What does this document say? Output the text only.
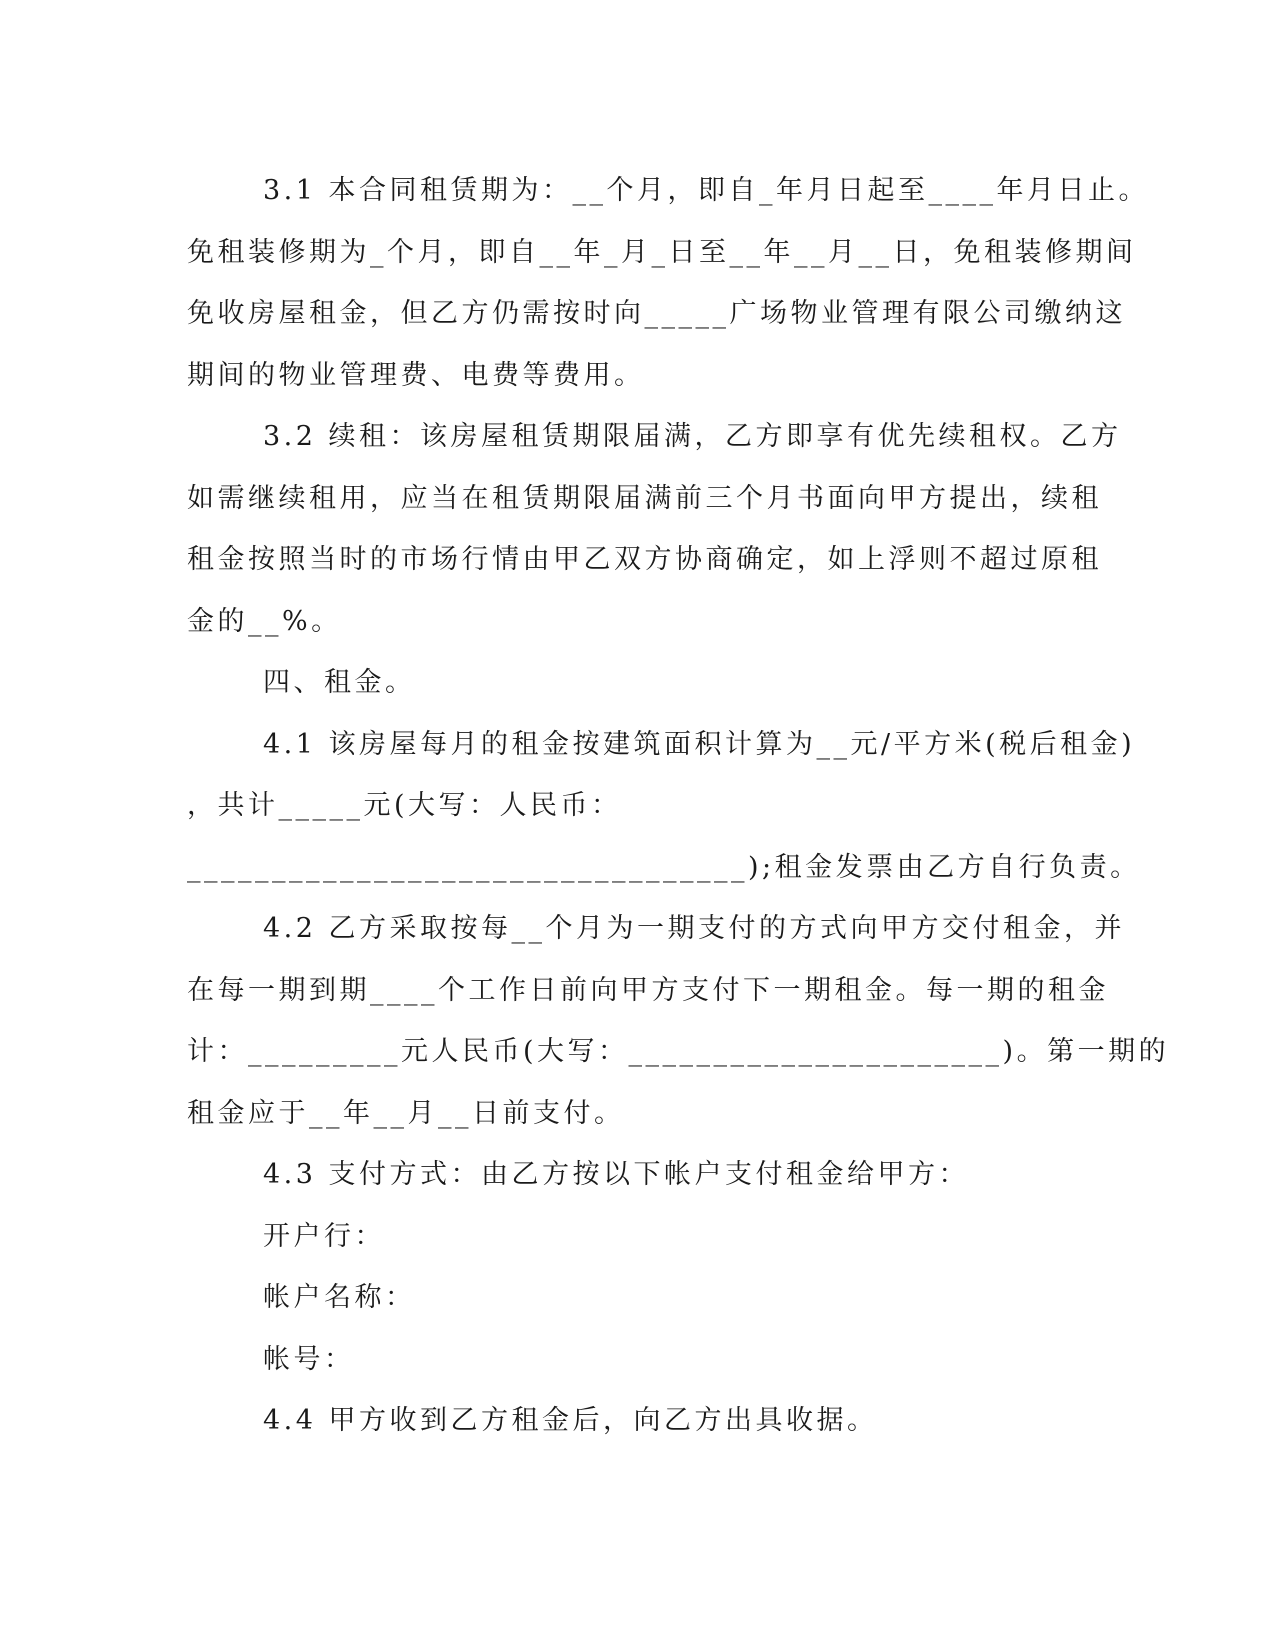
3.1 本合同租赁期为：__个月，即自_年月日起至____年月日止。
免租装修期为_个月，即自__年_月_日至__年__月__日，免租装修期间
免收房屋租金，但乙方仍需按时向_____广场物业管理有限公司缴纳这
期间的物业管理费、电费等费用。
3.2 续租：该房屋租赁期限届满，乙方即享有优先续租权。乙方
如需继续租用，应当在租赁期限届满前三个月书面向甲方提出，续租
租金按照当时的市场行情由甲乙双方协商确定，如上浮则不超过原租
金的__%。
四、租金。
4.1 该房屋每月的租金按建筑面积计算为__元/平方米(税后租金)
，共计_____元(大写：人民币：
_________________________________);租金发票由乙方自行负责。
4.2 乙方采取按每__个月为一期支付的方式向甲方交付租金，并
在每一期到期____个工作日前向甲方支付下一期租金。每一期的租金
计：_________元人民币(大写：______________________)。第一期的
租金应于__年__月__日前支付。
4.3 支付方式：由乙方按以下帐户支付租金给甲方：
开户行：
帐户名称：
帐号：
4.4 甲方收到乙方租金后，向乙方出具收据。
